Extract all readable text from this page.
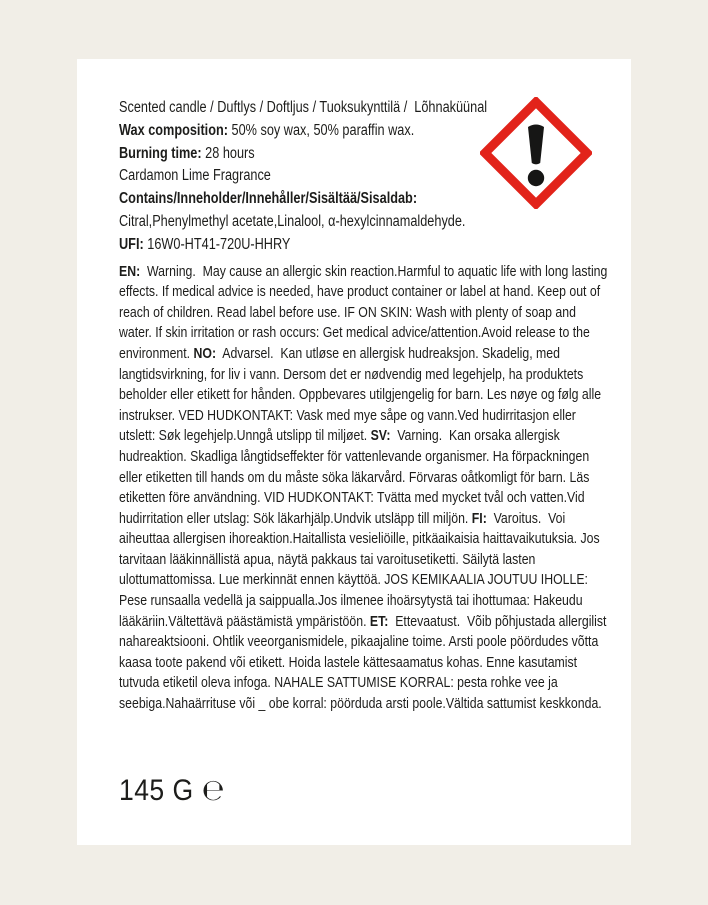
Scented candle / Duftlys / Doftljus / Tuoksukynttilä /  Lõhnaküünal
Wax composition: 50% soy wax, 50% paraffin wax.
Burning time: 28 hours
Cardamon Lime Fragrance
Contains/Inneholder/Innehåller/Sisältää/Sisaldab:
Citral,Phenylmethyl acetate,Linalool, α-hexylcinnamaldehyde.
UFI: 16W0-HT41-720U-HHRY

EN:  Warning.  May cause an allergic skin reaction.Harmful to aquatic life with long lasting effects. If medical advice is needed, have product container or label at hand. Keep out of reach of children. Read label before use. IF ON SKIN: Wash with plenty of soap and water. If skin irritation or rash occurs: Get medical advice/attention.Avoid release to the environment. NO:  Advarsel.  Kan utløse en allergisk hudreaksjon. Skadelig, med langtidsvirkning, for liv i vann. Dersom det er nødvendig med legehjelp, ha produktets beholder eller etikett for hånden. Oppbevares utilgjengelig for barn. Les nøye og følg alle instrukser. VED HUDKONTAKT: Vask med mye såpe og vann.Ved hudirritasjon eller utslett: Søk legehjelp.Unngå utslipp til miljøet. SV:  Varning.  Kan orsaka allergisk hudreaktion. Skadliga långtidseffekter för vattenlevande organismer. Ha förpackningen eller etiketten till hands om du måste söka läkarvård. Förvaras oåtkomligt för barn. Läs etiketten före användning. VID HUDKONTAKT: Tvätta med mycket tvål och vatten.Vid hudirritation eller utslag: Sök läkarhjälp.Undvik utsläpp till miljön. FI:  Varoitus.  Voi aiheuttaa allergisen ihoreaktion.Haitallista vesieliöille, pitkäaikaisia haittavaikutuksia. Jos tarvitaan lääkinnällistä apua, näytä pakkaus tai varoitusetiketti. Säilytä lasten ulottumattomissa. Lue merkinnät ennen käyttöä. JOS KEMIKAALIA JOUTUU IHOLLE: Pese runsaalla vedellä ja saippualla.Jos ilmenee ihoärsytystä tai ihottumaa: Hakeudu lääkäriin.Vältettävä päästämistä ympäristöön. ET:  Ettevaatust.  Võib põhjustada allergilist nahareaktsiooni. Ohtlik veeorganismidele, pikaajaline toime. Arsti poole pöördudes võtta kaasa toote pakend või etikett. Hoida lastele kättesaamatus kohas. Enne kasutamist tutvuda etiketil oleva infoga. NAHALE SATTUMISE KORRAL: pesta rohke vee ja seebiga.Nahaärrituse või _ obe korral: pöörduda arsti poole.Vältida sattumist keskkonda.

145 G ℮
